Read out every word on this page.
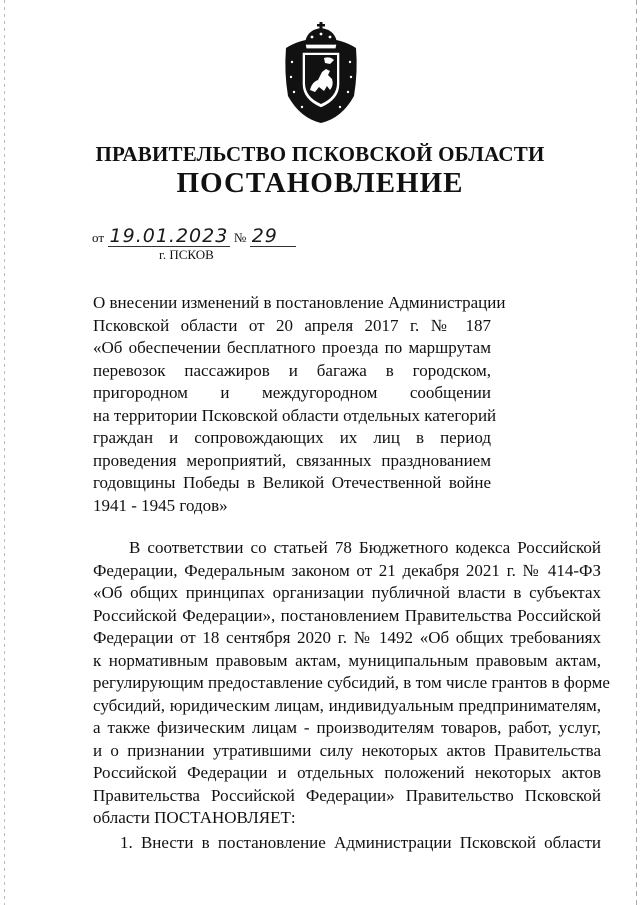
ПРАВИТЕЛЬСТВО ПСКОВСКОЙ ОБЛАСТИ
ПОСТАНОВЛЕНИЕ
от 19.01.2023 № 29
г. ПСКОВ
О внесении изменений в постановление Администрации
Псковской области от 20 апреля 2017 г. № 187
«Об обеспечении бесплатного проезда по маршрутам
перевозок пассажиров и багажа в городском,
пригородном и междугородном сообщении
на территории Псковской области отдельных категорий
граждан и сопровождающих их лиц в период
проведения мероприятий, связанных празднованием
годовщины Победы в Великой Отечественной войне
1941 - 1945 годов»
В соответствии со статьей 78 Бюджетного кодекса Российской
Федерации, Федеральным законом от 21 декабря 2021 г. № 414-ФЗ
«Об общих принципах организации публичной власти в субъектах
Российской Федерации», постановлением Правительства Российской
Федерации от 18 сентября 2020 г. № 1492 «Об общих требованиях
к нормативным правовым актам, муниципальным правовым актам,
регулирующим предоставление субсидий, в том числе грантов в форме
субсидий, юридическим лицам, индивидуальным предпринимателям,
а также физическим лицам - производителям товаров, работ, услуг,
и о признании утратившими силу некоторых актов Правительства
Российской Федерации и отдельных положений некоторых актов
Правительства Российской Федерации» Правительство Псковской
области ПОСТАНОВЛЯЕТ:
1. Внести в постановление Администрации Псковской области
